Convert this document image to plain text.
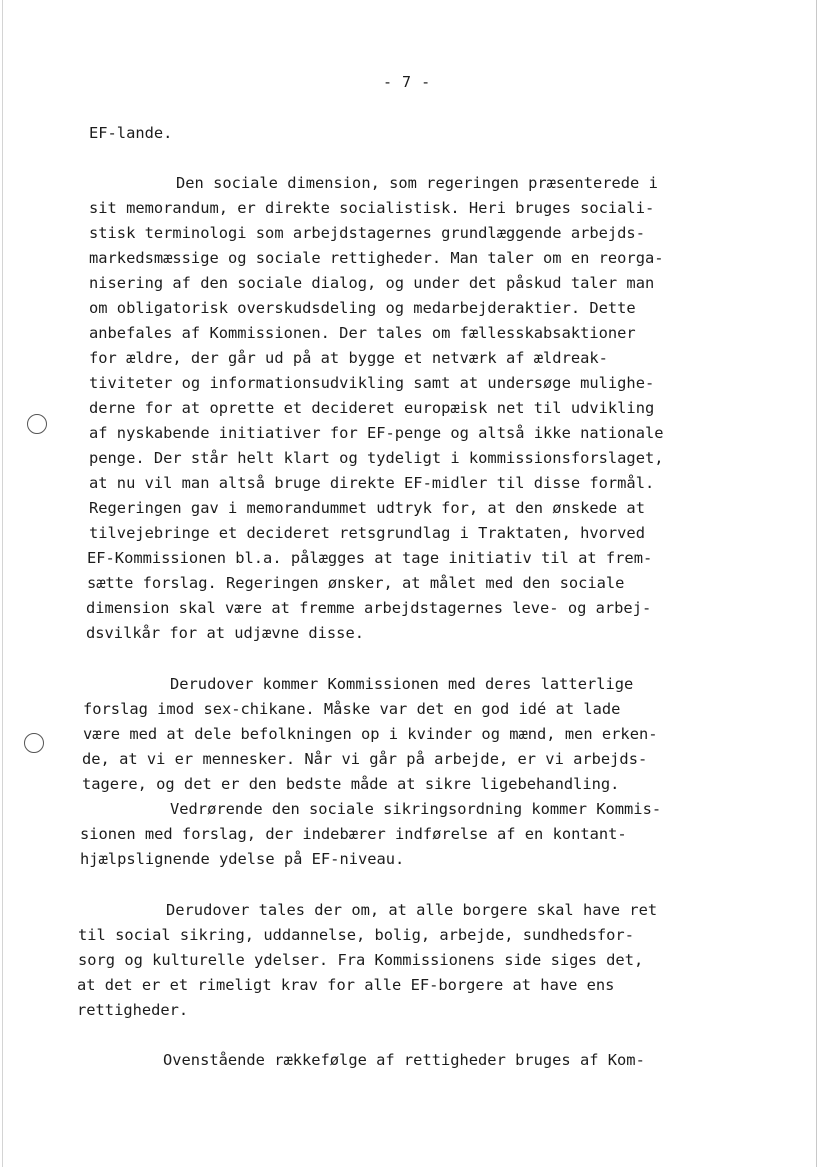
- 7 -
EF-lande.
Den sociale dimension, som regeringen præsenterede i
sit memorandum, er direkte socialistisk. Heri bruges sociali-
stisk terminologi som arbejdstagernes grundlæggende arbejds-
markedsmæssige og sociale rettigheder. Man taler om en reorga-
nisering af den sociale dialog, og under det påskud taler man
om obligatorisk overskudsdeling og medarbejderaktier. Dette
anbefales af Kommissionen. Der tales om fællesskabsaktioner
for ældre, der går ud på at bygge et netværk af ældreak-
tiviteter og informationsudvikling samt at undersøge mulighe-
derne for at oprette et decideret europæisk net til udvikling
af nyskabende initiativer for EF-penge og altså ikke nationale
penge. Der står helt klart og tydeligt i kommissionsforslaget,
at nu vil man altså bruge direkte EF-midler til disse formål.
Regeringen gav i memorandummet udtryk for, at den ønskede at
tilvejebringe et decideret retsgrundlag i Traktaten, hvorved
EF-Kommissionen bl.a. pålægges at tage initiativ til at frem-
sætte forslag. Regeringen ønsker, at målet med den sociale
dimension skal være at fremme arbejdstagernes leve- og arbej-
dsvilkår for at udjævne disse.
Derudover kommer Kommissionen med deres latterlige
forslag imod sex-chikane. Måske var det en god idé at lade
være med at dele befolkningen op i kvinder og mænd, men erken-
de, at vi er mennesker. Når vi går på arbejde, er vi arbejds-
tagere, og det er den bedste måde at sikre ligebehandling.
Vedrørende den sociale sikringsordning kommer Kommis-
sionen med forslag, der indebærer indførelse af en kontant-
hjælpslignende ydelse på EF-niveau.
Derudover tales der om, at alle borgere skal have ret
til social sikring, uddannelse, bolig, arbejde, sundhedsfor-
sorg og kulturelle ydelser. Fra Kommissionens side siges det,
at det er et rimeligt krav for alle EF-borgere at have ens
rettigheder.
Ovenstående rækkefølge af rettigheder bruges af Kom-
